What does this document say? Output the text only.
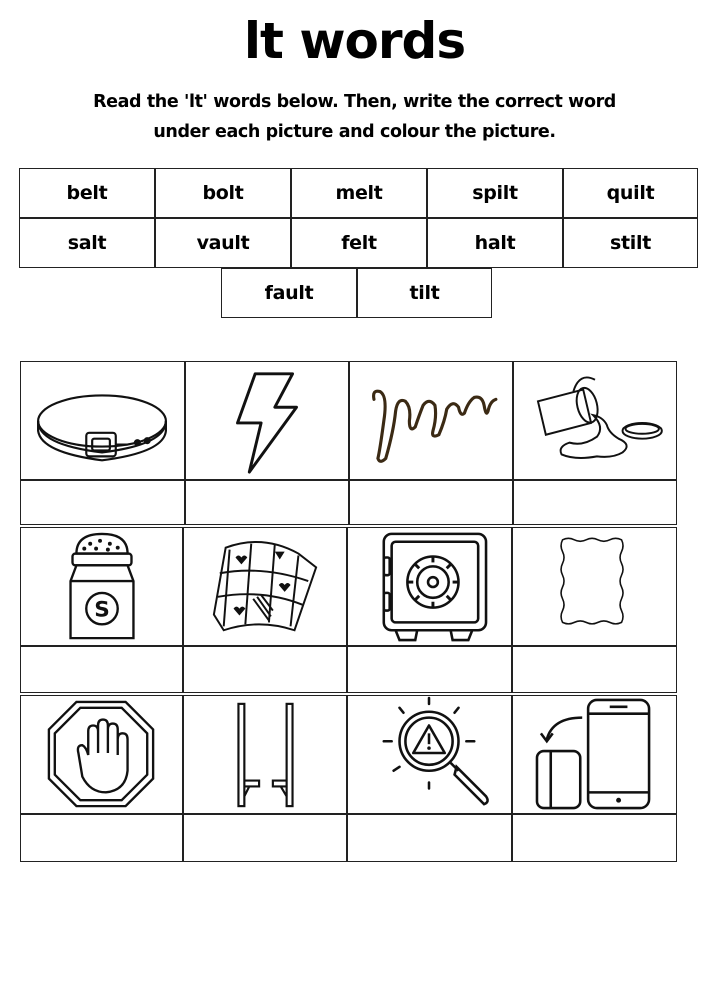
lt words
Read the 'lt' words below. Then, write the correct word
under each picture and colour the picture.
belt	bolt	melt	spilt	quilt
salt	vault	felt	halt	stilt
fault	tilt
S
